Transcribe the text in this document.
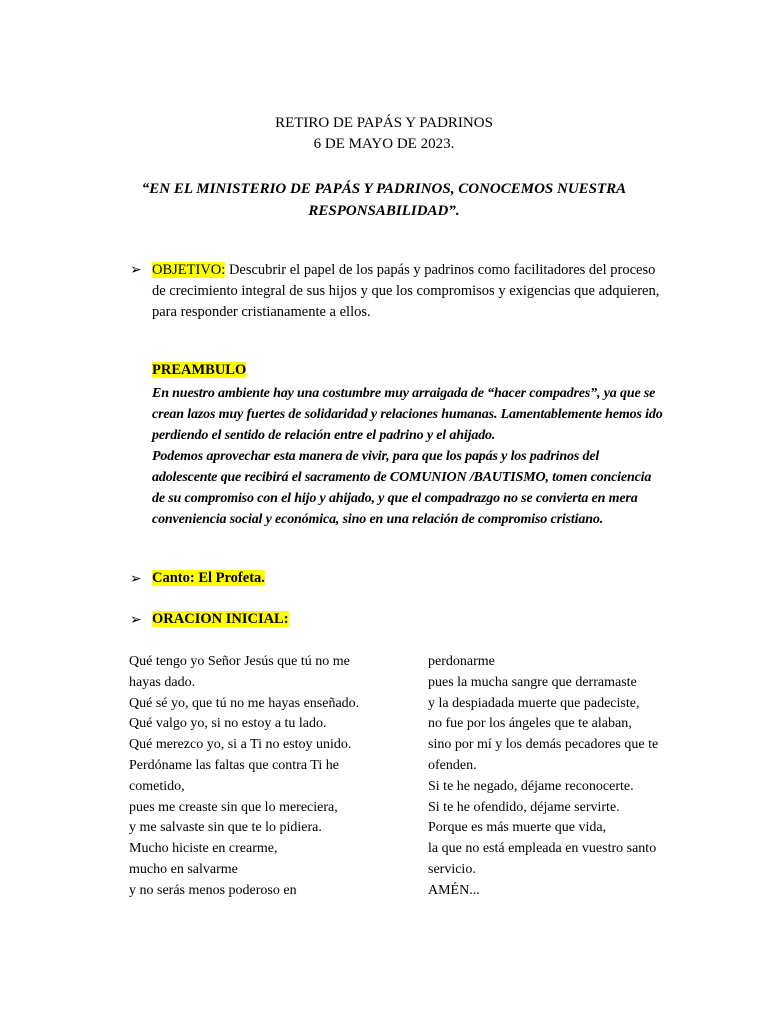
RETIRO DE PAPÁS Y PADRINOS
6 DE MAYO DE 2023.
“EN EL MINISTERIO DE PAPÁS Y PADRINOS, CONOCEMOS NUESTRA
RESPONSABILIDAD”.
➢ OBJETIVO: Descubrir el papel de los papás y padrinos como facilitadores del proceso de crecimiento integral de sus hijos y que los compromisos y exigencias que adquieren, para responder cristianamente a ellos.
PREAMBULO
En nuestro ambiente hay una costumbre muy arraigada de “hacer compadres”, ya que se crean lazos muy fuertes de solidaridad y relaciones humanas. Lamentablemente hemos ido perdiendo el sentido de relación entre el padrino y el ahijado.
Podemos aprovechar esta manera de vivir, para que los papás y los padrinos del adolescente que recibirá el sacramento de COMUNION /BAUTISMO, tomen conciencia de su compromiso con el hijo y ahijado, y que el compadrazgo no se convierta en mera conveniencia social y económica, sino en una relación de compromiso cristiano.
➢ Canto: El Profeta.
➢ ORACION INICIAL:
Qué tengo yo Señor Jesús que tú no me
hayas dado.
Qué sé yo, que tú no me hayas enseñado.
Qué valgo yo, si no estoy a tu lado.
Qué merezco yo, si a Ti no estoy unido.
Perdóname las faltas que contra Ti he
cometido,
pues me creaste sin que lo mereciera,
y me salvaste sin que te lo pidiera.
Mucho hiciste en crearme,
mucho en salvarme
y no serás menos poderoso en
perdonarme
pues la mucha sangre que derramaste
y la despiadada muerte que padeciste,
no fue por los ángeles que te alaban,
sino por mí y los demás pecadores que te
ofenden.
Si te he negado, déjame reconocerte.
Si te he ofendido, déjame servirte.
Porque es más muerte que vida,
la que no está empleada en vuestro santo
servicio.
AMÉN...
